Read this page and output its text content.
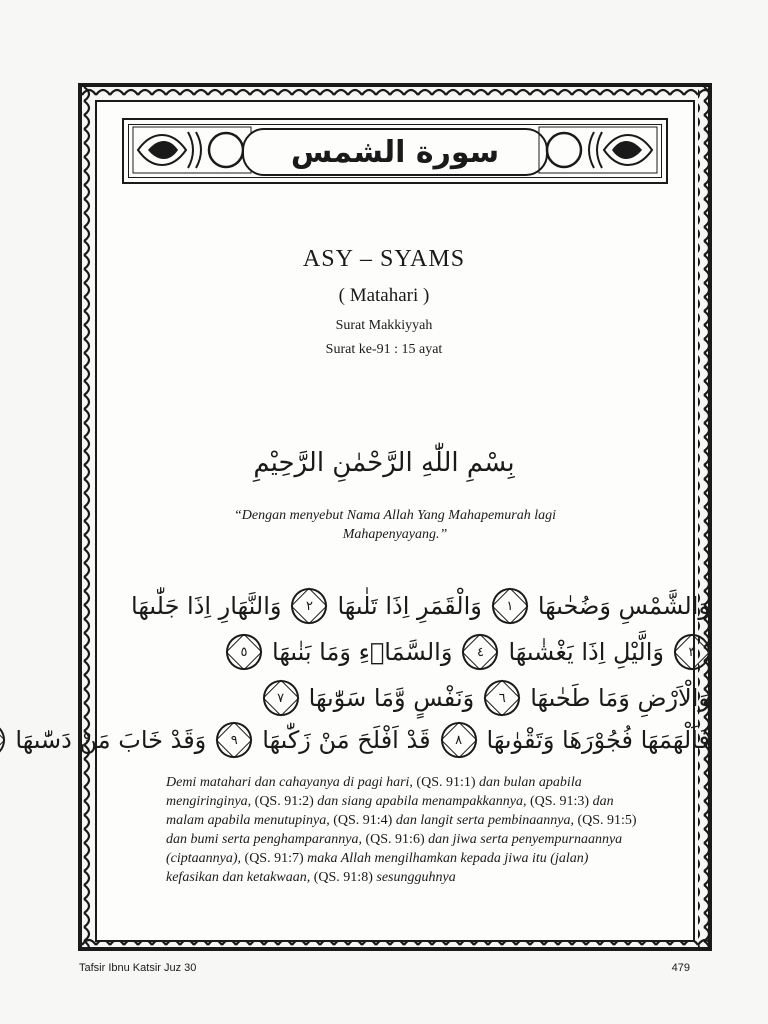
سورة الشمس
ASY – SYAMS
( Matahari )
Surat Makkiyyah
Surat ke-91 : 15 ayat
بِسْمِ اللّٰهِ الرَّحْمٰنِ الرَّحِيْمِ
“Dengan menyebut Nama Allah Yang Mahapemurah lagi Mahapenyayang.”
وَالشَّمْسِ وَضُحٰىهَا
١
وَالْقَمَرِ اِذَا تَلٰىهَا
٢
وَالنَّهَارِ اِذَا جَلّٰىهَا
٣
وَالَّيْلِ اِذَا يَغْشٰىهَا
٤
وَالسَّمَاۤءِ وَمَا بَنٰىهَا
٥
وَالْاَرْضِ وَمَا طَحٰىهَا
٦
وَنَفْسٍ وَّمَا سَوّٰىهَا
٧
فَاَلْهَمَهَا فُجُوْرَهَا وَتَقْوٰىهَا
٨
قَدْ اَفْلَحَ مَنْ زَكّٰىهَا
٩
وَقَدْ خَابَ مَنْ دَسّٰىهَا
Demi matahari dan cahayanya di pagi hari, (QS. 91:1) dan bulan apabila mengiringinya, (QS. 91:2) dan siang apabila menampakkannya, (QS. 91:3) dan malam apabila menutupinya, (QS. 91:4) dan langit serta pembinaannya, (QS. 91:5) dan bumi serta penghamparannya, (QS. 91:6) dan jiwa serta penyempurnaannya (ciptaannya), (QS. 91:7) maka Allah mengilhamkan kepada jiwa itu (jalan) kefasikan dan ketakwaan, (QS. 91:8) sesungguhnya
Tafsir Ibnu Katsir Juz 30	479
